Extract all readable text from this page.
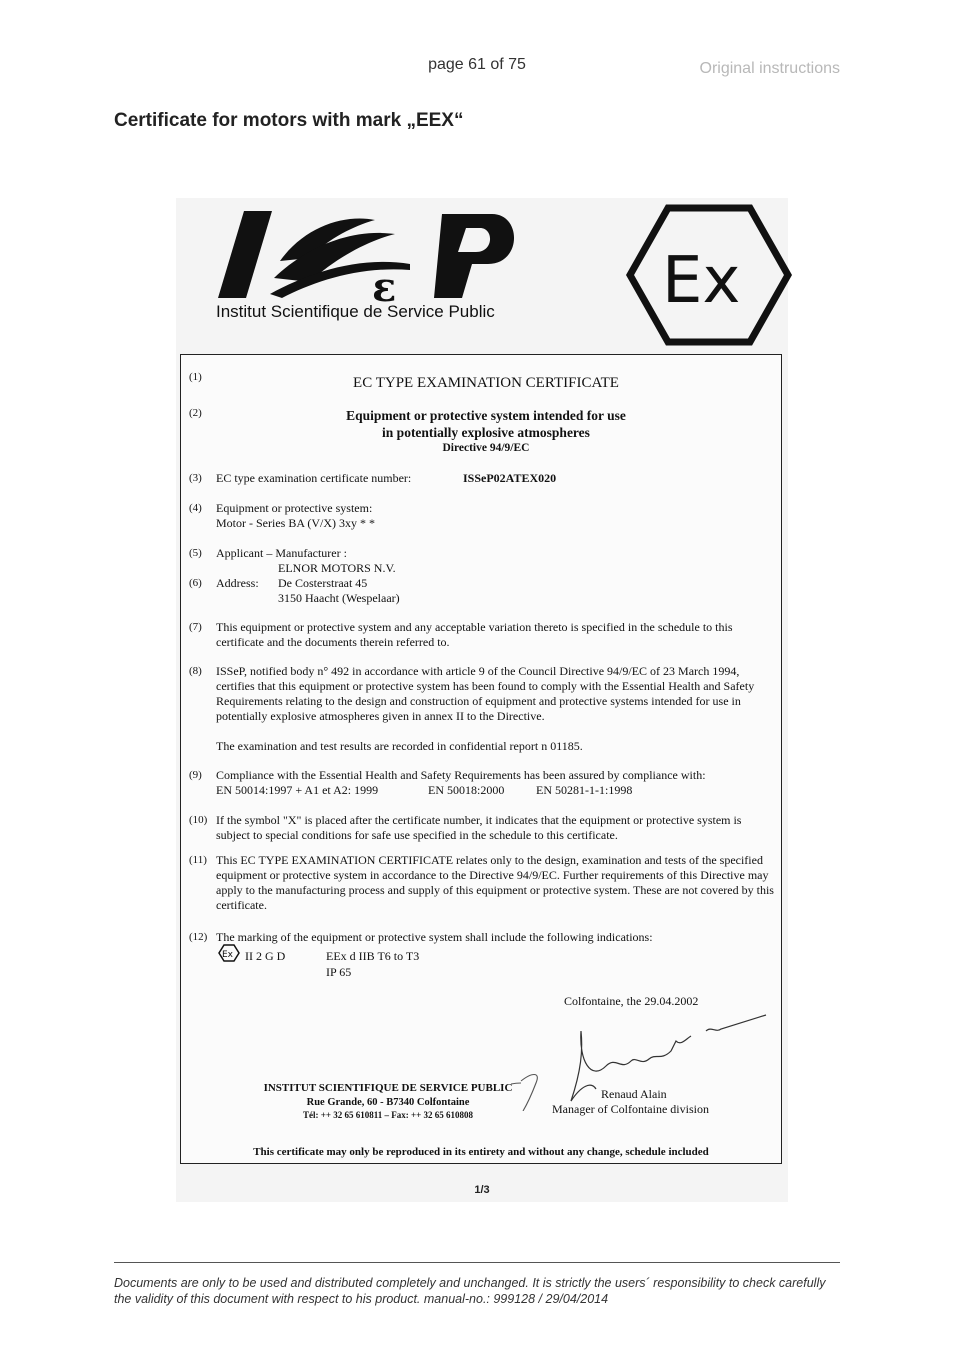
page 61 of 75	Original instructions
Certificate for motors with mark „EEX“
ε
Institut Scientifique de Service Public	Ex
(1)	EC TYPE EXAMINATION CERTIFICATE
(2)	Equipment or protective system intended for use
in potentially explosive atmospheres
Directive 94/9/EC
(3) EC type examination certificate number:	ISSeP02ATEX020
(4) Equipment or protective system:
Motor - Series BA (V/X) 3xy * *
(5) Applicant – Manufacturer :
ELNOR MOTORS N.V.
(6) Address:	De Costerstraat 45
3150 Haacht (Wespelaar)
(7) This equipment or protective system and any acceptable variation thereto is specified in the schedule to this certificate and the documents therein referred to.
(8) ISSeP, notified body n° 492 in accordance with article 9 of the Council Directive 94/9/EC of 23 March 1994, certifies that this equipment or protective system has been found to comply with the Essential Health and Safety Requirements relating to the design and construction of equipment and protective systems intended for use in potentially explosive atmospheres given in annex II to the Directive.
The examination and test results are recorded in confidential report n 01185.
(9) Compliance with the Essential Health and Safety Requirements has been assured by compliance with:
EN 50014:1997 + A1 et A2: 1999	EN 50018:2000	EN 50281-1-1:1998
(10) If the symbol "X" is placed after the certificate number, it indicates that the equipment or protective system is subject to special conditions for safe use specified in the schedule to this certificate.
(11) This EC TYPE EXAMINATION CERTIFICATE relates only to the design, examination and tests of the specified equipment or protective system in accordance to the Directive 94/9/EC. Further requirements of this Directive may apply to the manufacturing process and supply of this equipment or protective system. These are not covered by this certificate.
(12) The marking of the equipment or protective system shall include the following indications:
Ex II 2 G D	EEx d IIB T6 to T3
IP 65
Colfontaine, the 29.04.2002
INSTITUT SCIENTIFIQUE DE SERVICE PUBLIC
Rue Grande, 60 - B7340 Colfontaine
Tél: ++ 32 65 610811 – Fax: ++ 32 65 610808
Renaud Alain
Manager of Colfontaine division
This certificate may only be reproduced in its entirety and without any change, schedule included
1/3
Documents are only to be used and distributed completely and unchanged. It is strictly the users´ responsibility to check carefully the validity of this document with respect to his product. manual-no.: 999128 / 29/04/2014
